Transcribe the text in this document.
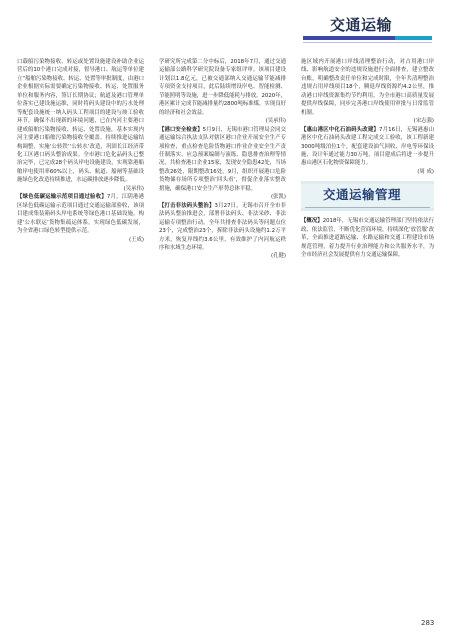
交通运输

口载船污染物接收、转运或处置设施建设补助企业运营后的10个港口完成对接，督导港口、航运等单位建立“船舶污染物接收、转运、处置等审批制度，由港口企业根据实际需要确定污染物接收、转运、处置服务单位和服务内容，签订长期协议；航道及港口管理单位落实已建设施运维，同时将码头建设中的污水处理等配套设施统一纳入码头工程项目的建设与竣工验收环节，确保不出现新的环境问题，已在内河主要港口建成船舶污染物接收、转运、处置设施，基本实现内河主要港口船舶污染物接收全覆盖。持续推进运输结构调整，实施‘公转铁’‘公转水’改造，巩固长江经济带化工区港口码头整治成果。全市港口危化品码头已整治完毕，已完成28个码头岸电设施建设，实现靠港船舶岸电使用率60%以上，码头、航道、船闸等基础设施绿色化改造持续推进，水运碳排放逐步降低。

(吴承伟)

【绿色低碳运输示范项目通过验收】7月，江阴港港区绿色低碳运输示范项目通过交通运输部验收，该项目建成集装箱码头岸电系统等绿色港口基础设施，构建‘公水联运’货物集疏运体系，实现绿色低碳发展，为全省港口绿色转型提供示范。

(王成)

学研究所完成第二分中标后，2018年7月，通过交通运输部公路科学研究院设备专家组评审。该项目建设计划以1.8亿元，已被交通部纳入交通运输节能减排专项资金支持项目，此后陆续增设岸电、智能检测、节能照明等设施，进一步降低能耗与排放，2020年，港区累计完成节能减排量约2800吨标准煤，实现良好的经济和社会效益。

(吴承伟)

【港口安全检查】5月9日，无锡市港口管理局会同交通运输综合执法支队对辖区港口企业开展安全生产专项检查，重点检查危险货物港口作业企业安全生产责任制落实、应急预案编制与演练、隐患排查治理等情况，共检查港口企业15家，发现安全隐患42处，当场整改26处，限期整改16处。9月，组织开展港口危险货物储存场所专项整治‘回头看’，督促企业落实整改措施，确保港口安全生产形势总体平稳。

(张凯)

【打击非法码头整治】3月27日，无锡市召开全市非法码头整治推进会，部署非法码头、非法采砂、非法运输专项整治行动。全年共排查非法码头等问题点位23个，完成整治23个，拆除非法码头设施约1.2万平方米，恢复岸线约3.6公里，有效维护了内河航运秩序和水域生态环境。

(孔健)

施区域内开展港口岸线清理整治行动，对占用港口岸线、影响航道安全的违规设施进行全面排查，建立整改台账，明确整改责任单位和完成时限，全年共清理整治违规占用岸线项目18个，腾退岸线资源约4.2公里，推动港口岸线资源集约节约利用，为全市港口高质量发展提供岸线保障，同步完善港口岸线使用审批与日常监管机制。

(宋志强)

【惠山港区中化石油码头改建】7月16日，无锡港惠山港区中化石油码头改建工程完成交工验收，该工程新建3000吨级泊位1个，配套建设油气回收、岸电等环保设施，设计年通过能力30万吨，项目建成后将进一步提升惠山港区石化物资保障能力。

(周 成)

交通运输管理

【概况】2018年，无锡市交通运输管理部门坚持依法行政、依法监管，不断优化营商环境，持续深化‘放管服’改革，全面推进道路运输、水路运输和交通工程建设市场规范管理，着力提升行业治理能力和公共服务水平，为全市经济社会发展提供有力交通运输保障。

283
